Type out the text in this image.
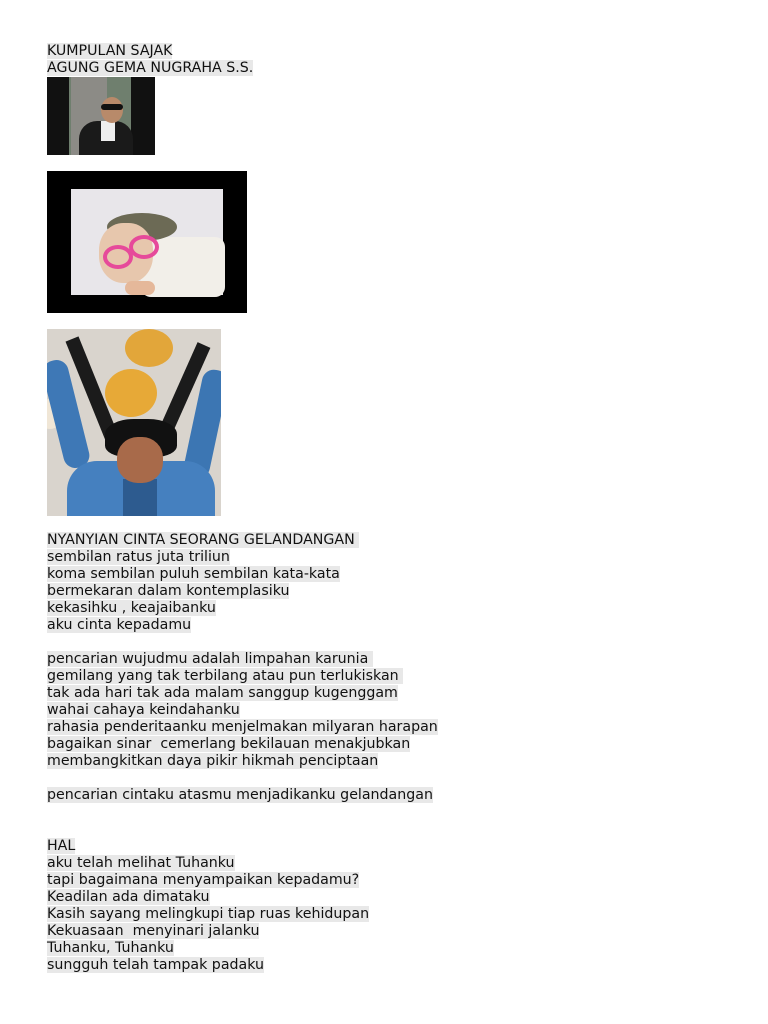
KUMPULAN SAJAK
AGUNG GEMA NUGRAHA S.S.
NYANYIAN CINTA SEORANG GELANDANGAN
sembilan ratus juta triliun
koma sembilan puluh sembilan kata-kata
bermekaran dalam kontemplasiku
kekasihku , keajaibanku
aku cinta kepadamu
pencarian wujudmu adalah limpahan karunia
gemilang yang tak terbilang atau pun terlukiskan
tak ada hari tak ada malam sanggup kugenggam
wahai cahaya keindahanku
rahasia penderitaanku menjelmakan milyaran harapan
bagaikan sinar  cemerlang bekilauan menakjubkan
membangkitkan daya pikir hikmah penciptaan
pencarian cintaku atasmu menjadikanku gelandangan
HAL
aku telah melihat Tuhanku
tapi bagaimana menyampaikan kepadamu?
Keadilan ada dimataku
Kasih sayang melingkupi tiap ruas kehidupan
Kekuasaan  menyinari jalanku
Tuhanku, Tuhanku
sungguh telah tampak padaku
